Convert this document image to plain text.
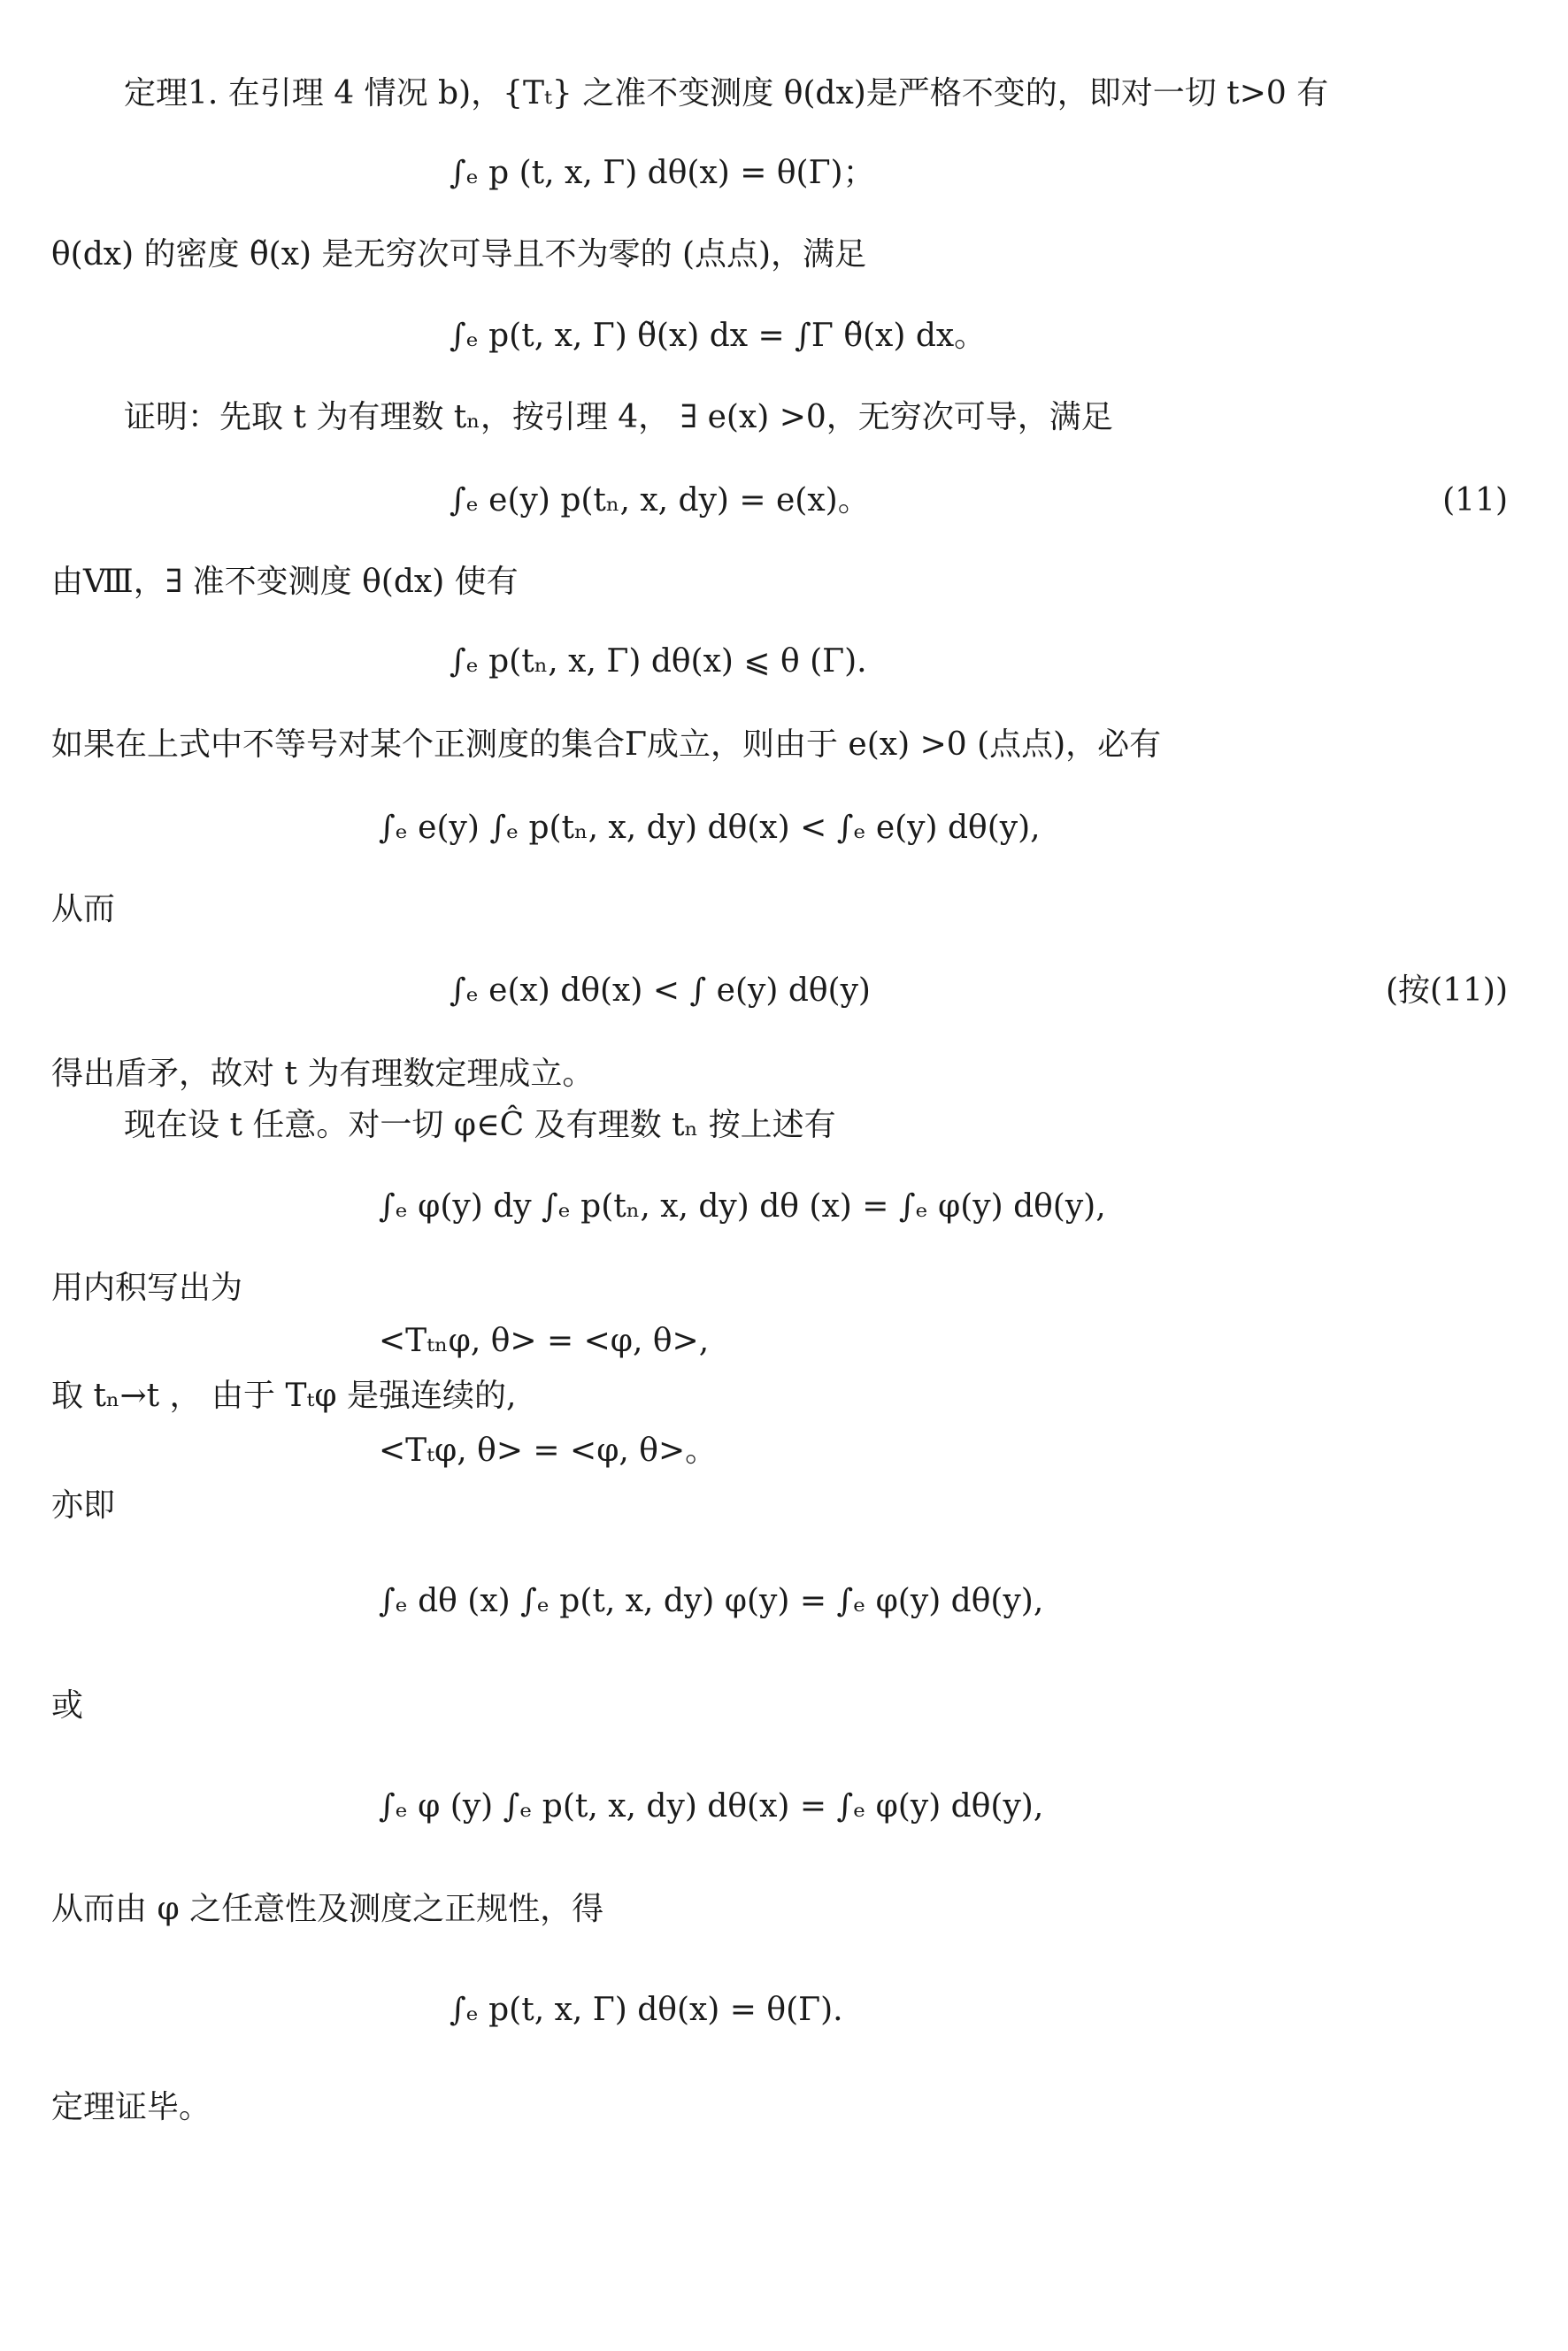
定理1. 在引理 4 情况 b)，{Tₜ} 之准不变测度 θ(dx)是严格不变的，即对一切 t>0 有
∫ₑ p (t, x, Γ) dθ(x) = θ(Γ)；
θ(dx) 的密度 θ̃(x) 是无穷次可导且不为零的 (点点)，满足
∫ₑ p(t, x, Γ) θ̃(x) dx = ∫Γ θ̃(x) dx。
证明：先取 t 为有理数 tₙ，按引理 4， ∃ e(x) >0，无穷次可导，满足
∫ₑ e(y) p(tₙ, x, dy) = e(x)。	(11)
由Ⅷ，∃ 准不变测度 θ(dx) 使有
∫ₑ p(tₙ, x, Γ) dθ(x) ⩽ θ (Γ).
如果在上式中不等号对某个正测度的集合Γ成立，则由于 e(x) >0 (点点)，必有
∫ₑ e(y) ∫ₑ p(tₙ, x, dy) dθ(x) < ∫ₑ e(y) dθ(y),
从而
∫ₑ e(x) dθ(x) < ∫ e(y) dθ(y)	(按(11))
得出盾矛，故对 t 为有理数定理成立。
现在设 t 任意。对一切 φ∈Ĉ 及有理数 tₙ 按上述有
∫ₑ φ(y) dy ∫ₑ p(tₙ, x, dy) dθ (x) = ∫ₑ φ(y) dθ(y),
用内积写出为
<Tₜₙφ, θ> = <φ, θ>,
取 tₙ→t ， 由于 Tₜφ 是强连续的,
<Tₜφ, θ> = <φ, θ>。
亦即
∫ₑ dθ (x) ∫ₑ p(t, x, dy) φ(y) = ∫ₑ φ(y) dθ(y),
或
∫ₑ φ (y) ∫ₑ p(t, x, dy) dθ(x) = ∫ₑ φ(y) dθ(y),
从而由 φ 之任意性及测度之正规性，得
∫ₑ p(t, x, Γ) dθ(x) = θ(Γ).
定理证毕。
